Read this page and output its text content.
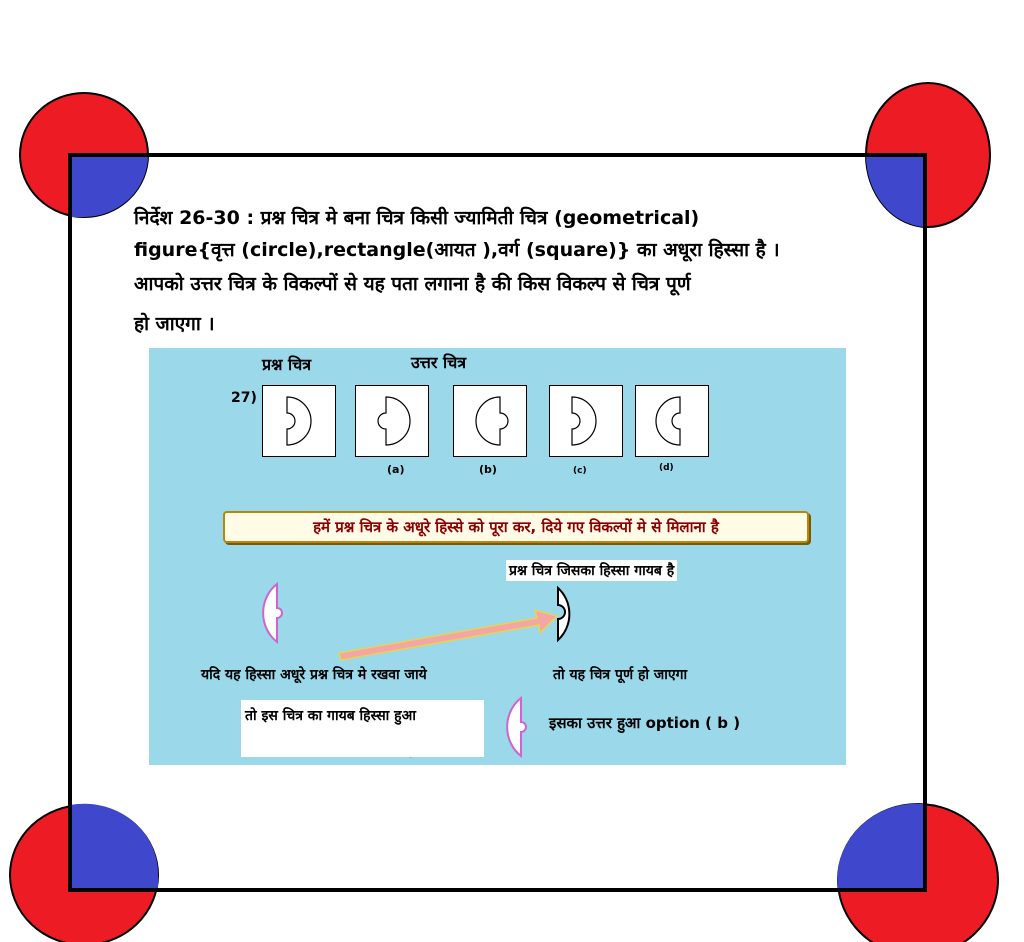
निर्देश 26-30 : प्रश्न चित्र मे बना चित्र किसी ज्यामिती चित्र (geometrical)
figure{वृत्त (circle),rectangle(आयत ),वर्ग (square)} का अधूरा हिस्सा है ।
आपको उत्तर चित्र के विकल्पों से यह पता लगाना है की किस विकल्प से चित्र पूर्ण
हो जाएगा ।
प्रश्न चित्र	उत्तर चित्र
27)
(a)	(b)	(c)	(d)
हमें प्रश्न चित्र के अधूरे हिस्से को पूरा कर, दिये गए विकल्पों मे से मिलाना है
प्रश्न चित्र जिसका हिस्सा गायब है
यदि यह हिस्सा अधूरे प्रश्न चित्र मे रखवा जाये	तो यह चित्र पूर्ण हो जाएगा
तो इस चित्र का गायब हिस्सा हुआ	इसका उत्तर हुआ option ( b )
